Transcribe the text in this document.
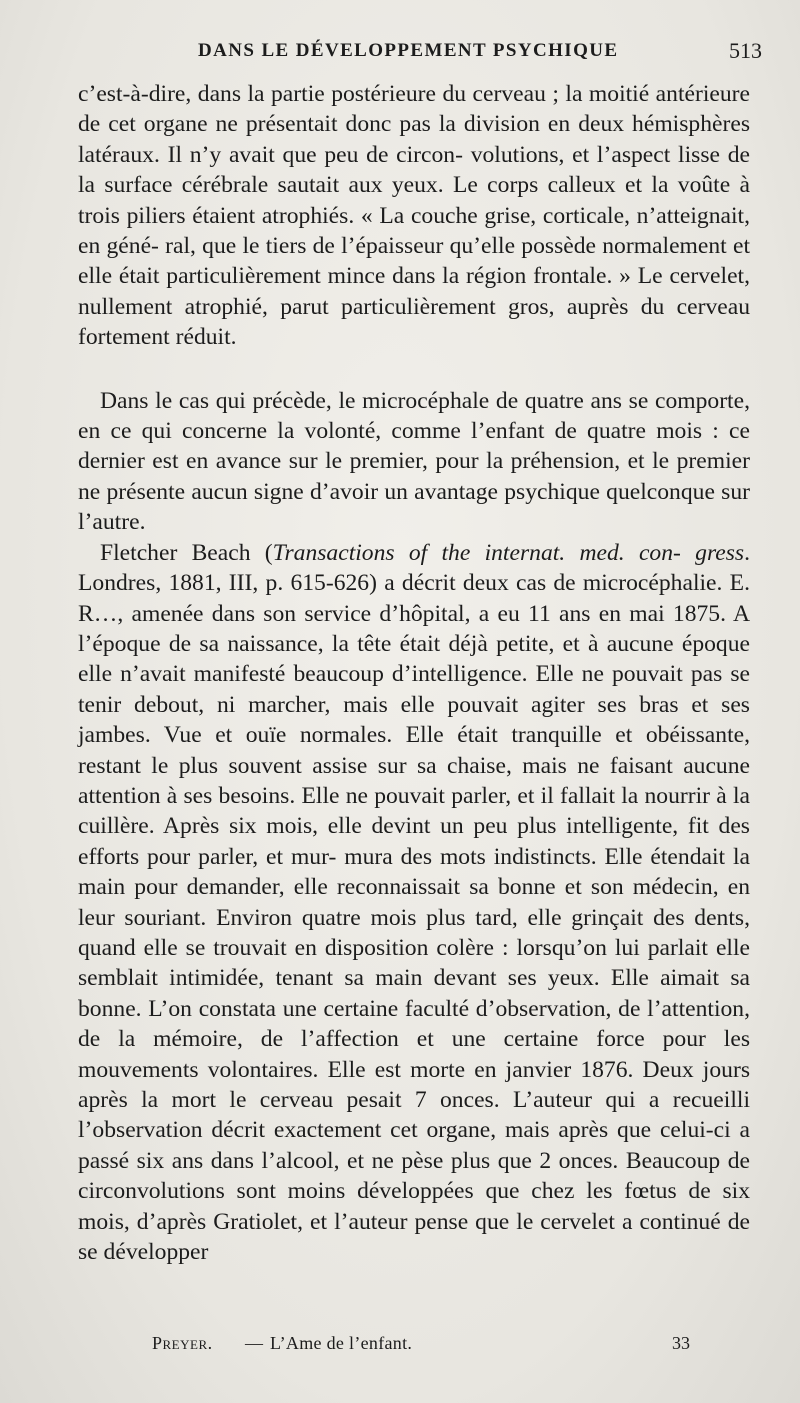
DANS LE DÉVELOPPEMENT PSYCHIQUE	513

c’est-à-dire, dans la partie postérieure du cerveau ; la moitié antérieure de cet organe ne présentait donc pas la division en deux hémisphères latéraux. Il n’y avait que peu de circon- volutions, et l’aspect lisse de la surface cérébrale sautait aux yeux. Le corps calleux et la voûte à trois piliers étaient atrophiés. « La couche grise, corticale, n’atteignait, en géné- ral, que le tiers de l’épaisseur qu’elle possède normalement et elle était particulièrement mince dans la région frontale. » Le cervelet, nullement atrophié, parut particulièrement gros, auprès du cerveau fortement réduit.

Dans le cas qui précède, le microcéphale de quatre ans se comporte, en ce qui concerne la volonté, comme l’enfant de quatre mois : ce dernier est en avance sur le premier, pour la préhension, et le premier ne présente aucun signe d’avoir un avantage psychique quelconque sur l’autre.

Fletcher Beach (Transactions of the internat. med. con- gress. Londres, 1881, III, p. 615-626) a décrit deux cas de microcéphalie. E. R…, amenée dans son service d’hôpital, a eu 11 ans en mai 1875. A l’époque de sa naissance, la tête était déjà petite, et à aucune époque elle n’avait manifesté beaucoup d’intelligence. Elle ne pouvait pas se tenir debout, ni marcher, mais elle pouvait agiter ses bras et ses jambes. Vue et ouïe normales. Elle était tranquille et obéissante, restant le plus souvent assise sur sa chaise, mais ne faisant aucune attention à ses besoins. Elle ne pouvait parler, et il fallait la nourrir à la cuillère. Après six mois, elle devint un peu plus intelligente, fit des efforts pour parler, et mur- mura des mots indistincts. Elle étendait la main pour demander, elle reconnaissait sa bonne et son médecin, en leur souriant. Environ quatre mois plus tard, elle grinçait des dents, quand elle se trouvait en disposition colère : lorsqu’on lui parlait elle semblait intimidée, tenant sa main devant ses yeux. Elle aimait sa bonne. L’on constata une certaine faculté d’observation, de l’attention, de la mémoire, de l’affection et une certaine force pour les mouvements volontaires. Elle est morte en janvier 1876. Deux jours après la mort le cerveau pesait 7 onces. L’auteur qui a recueilli l’observation décrit exactement cet organe, mais après que celui-ci a passé six ans dans l’alcool, et ne pèse plus que 2 onces. Beaucoup de circonvolutions sont moins développées que chez les fœtus de six mois, d’après Gratiolet, et l’auteur pense que le cervelet a continué de se développer

Preyer. — L’Ame de l’enfant.	33
